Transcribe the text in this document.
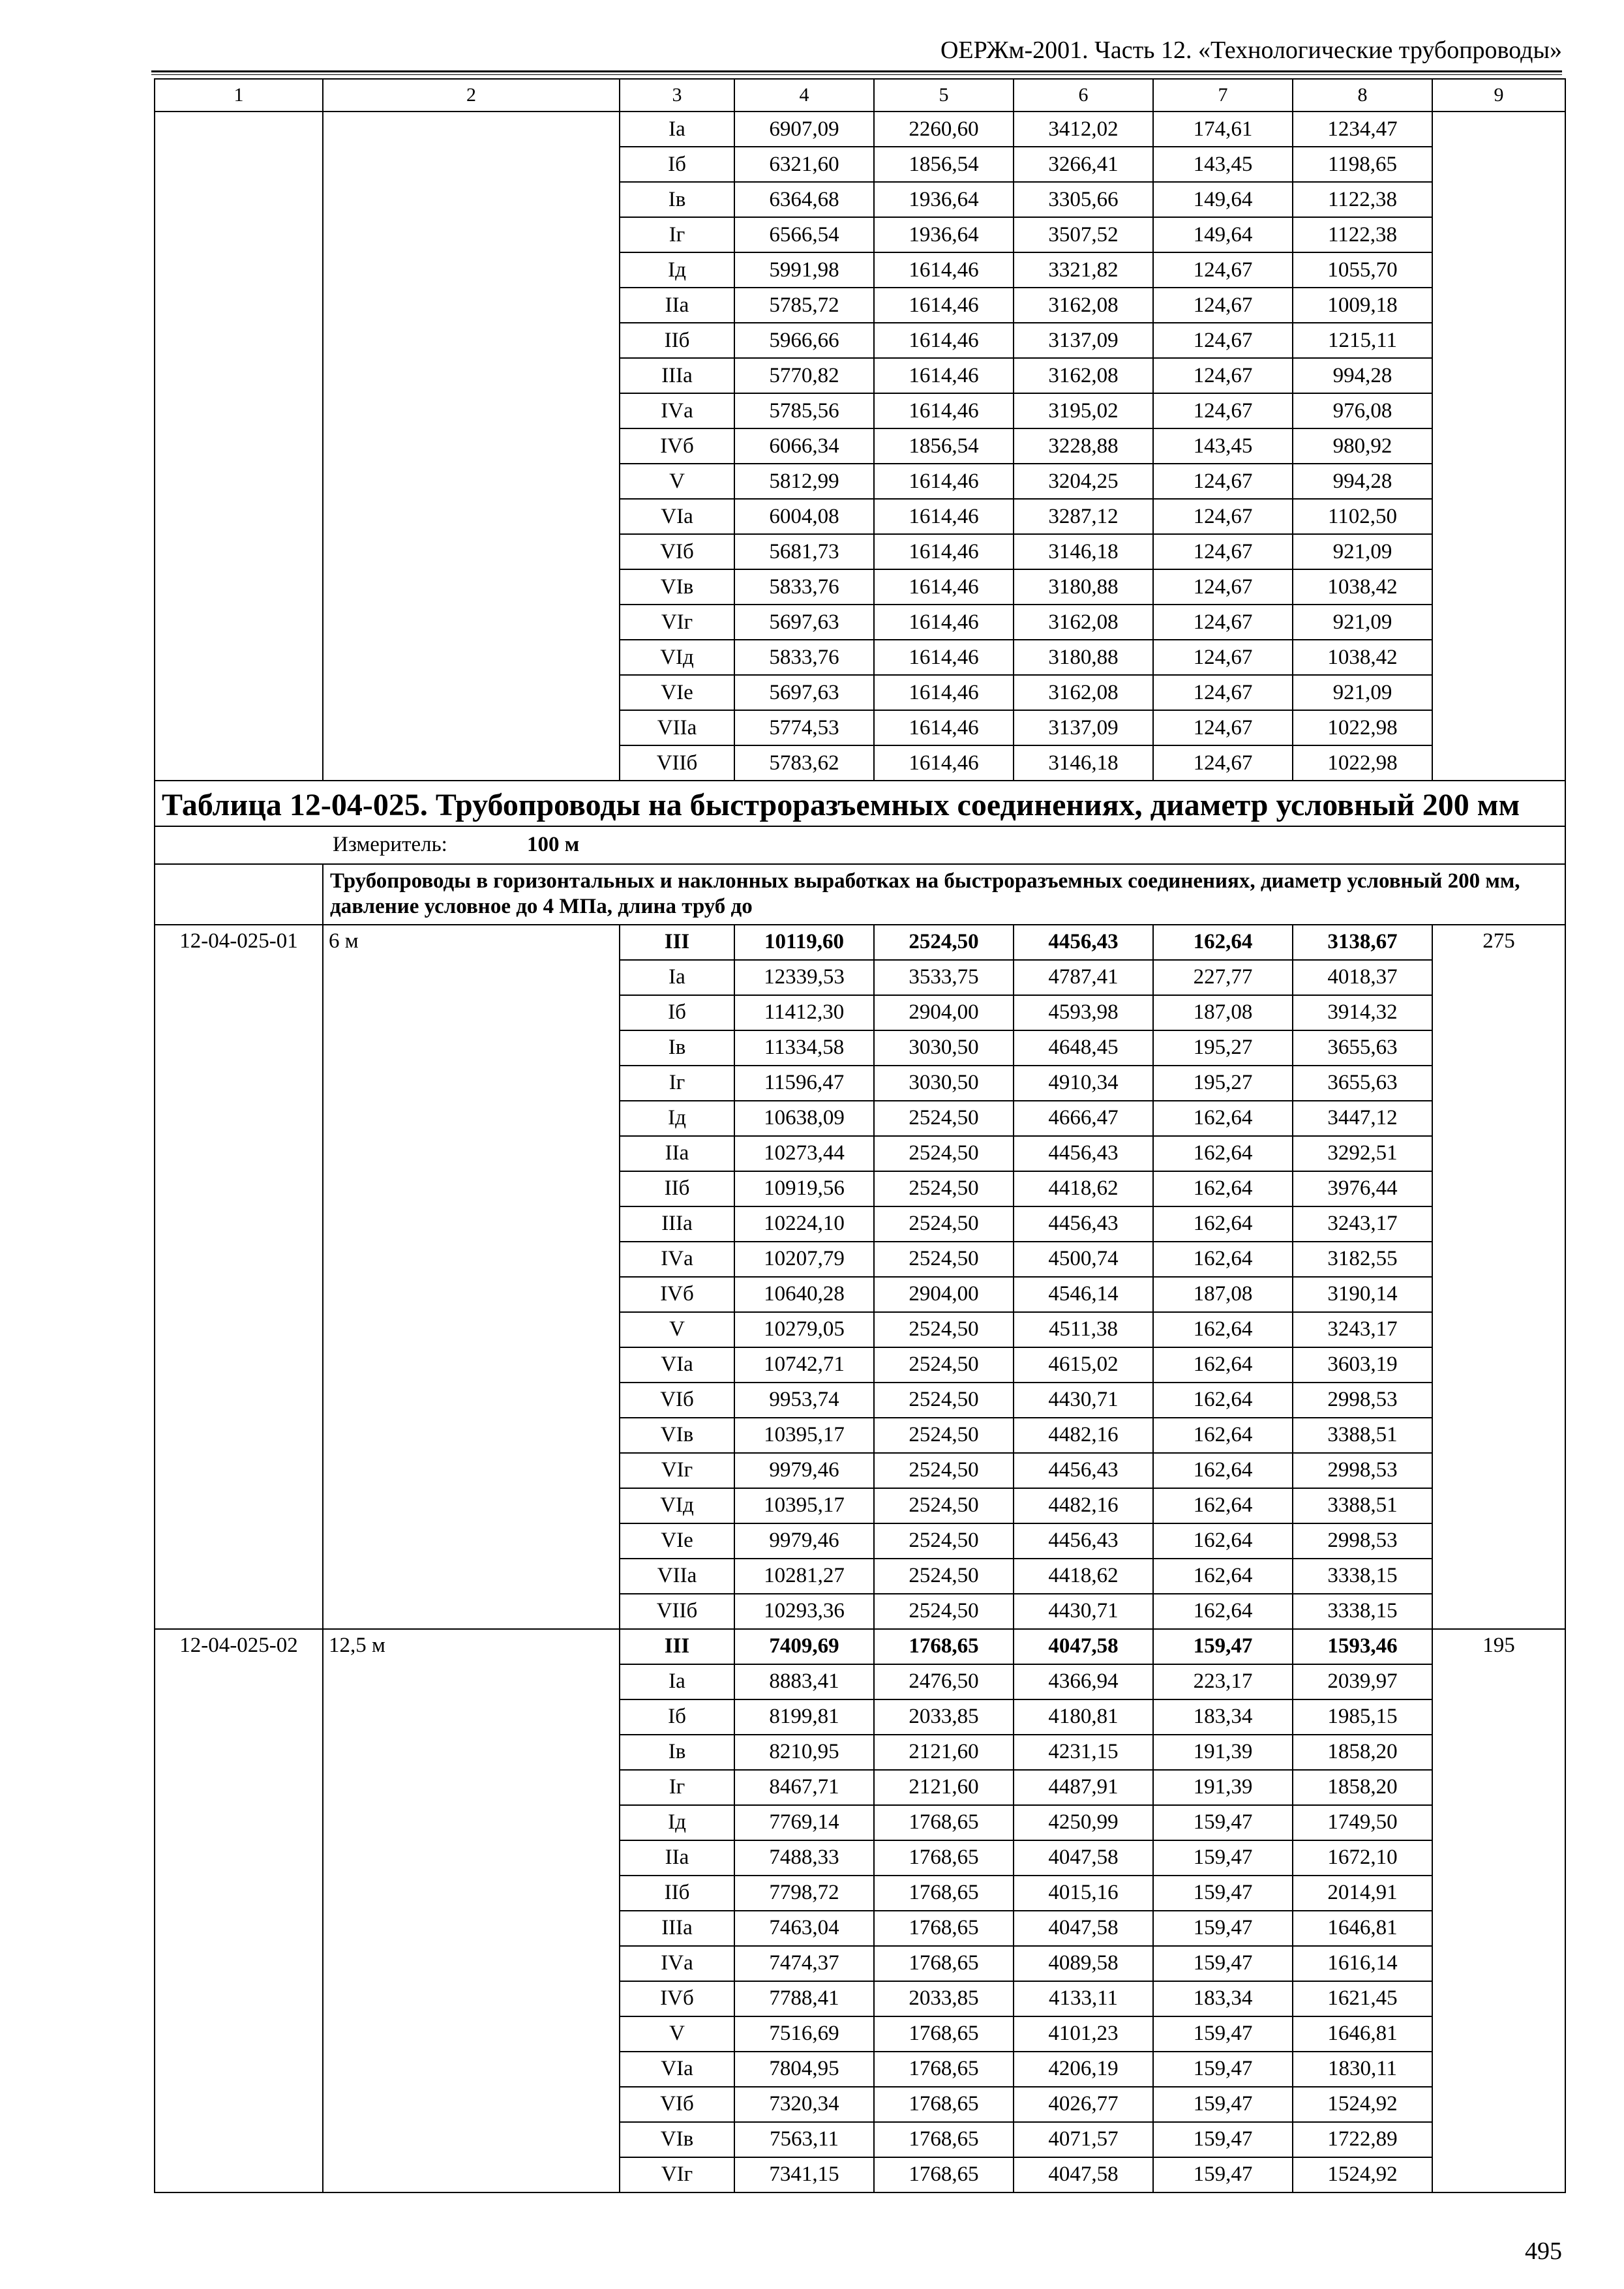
ОЕРЖм-2001. Часть 12. «Технологические трубопроводы»
1	2	3	4	5	6	7	8	9
		Iа	6907,09	2260,60	3412,02	174,61	1234,47	
		Iб	6321,60	1856,54	3266,41	143,45	1198,65	
		Iв	6364,68	1936,64	3305,66	149,64	1122,38	
		Iг	6566,54	1936,64	3507,52	149,64	1122,38	
		Iд	5991,98	1614,46	3321,82	124,67	1055,70	
		IIа	5785,72	1614,46	3162,08	124,67	1009,18	
		IIб	5966,66	1614,46	3137,09	124,67	1215,11	
		IIIа	5770,82	1614,46	3162,08	124,67	994,28	
		IVа	5785,56	1614,46	3195,02	124,67	976,08	
		IVб	6066,34	1856,54	3228,88	143,45	980,92	
		V	5812,99	1614,46	3204,25	124,67	994,28	
		VIа	6004,08	1614,46	3287,12	124,67	1102,50	
		VIб	5681,73	1614,46	3146,18	124,67	921,09	
		VIв	5833,76	1614,46	3180,88	124,67	1038,42	
		VIг	5697,63	1614,46	3162,08	124,67	921,09	
		VIд	5833,76	1614,46	3180,88	124,67	1038,42	
		VIе	5697,63	1614,46	3162,08	124,67	921,09	
		VIIа	5774,53	1614,46	3137,09	124,67	1022,98	
		VIIб	5783,62	1614,46	3146,18	124,67	1022,98	
Таблица 12-04-025. Трубопроводы на быстроразъемных соединениях, диаметр условный 200 мм								
Измеритель: 100 м								
	Трубопроводы в горизонтальных и наклонных выработках на быстроразъемных соединениях, диаметр условный 200 мм, давление условное до 4 МПа, длина труб до							
12-04-025-01	6 м	III	10119,60	2524,50	4456,43	162,64	3138,67	275
		Iа	12339,53	3533,75	4787,41	227,77	4018,37	
		Iб	11412,30	2904,00	4593,98	187,08	3914,32	
		Iв	11334,58	3030,50	4648,45	195,27	3655,63	
		Iг	11596,47	3030,50	4910,34	195,27	3655,63	
		Iд	10638,09	2524,50	4666,47	162,64	3447,12	
		IIа	10273,44	2524,50	4456,43	162,64	3292,51	
		IIб	10919,56	2524,50	4418,62	162,64	3976,44	
		IIIа	10224,10	2524,50	4456,43	162,64	3243,17	
		IVа	10207,79	2524,50	4500,74	162,64	3182,55	
		IVб	10640,28	2904,00	4546,14	187,08	3190,14	
		V	10279,05	2524,50	4511,38	162,64	3243,17	
		VIа	10742,71	2524,50	4615,02	162,64	3603,19	
		VIб	9953,74	2524,50	4430,71	162,64	2998,53	
		VIв	10395,17	2524,50	4482,16	162,64	3388,51	
		VIг	9979,46	2524,50	4456,43	162,64	2998,53	
		VIд	10395,17	2524,50	4482,16	162,64	3388,51	
		VIе	9979,46	2524,50	4456,43	162,64	2998,53	
		VIIа	10281,27	2524,50	4418,62	162,64	3338,15	
		VIIб	10293,36	2524,50	4430,71	162,64	3338,15	
12-04-025-02	12,5 м	III	7409,69	1768,65	4047,58	159,47	1593,46	195
		Iа	8883,41	2476,50	4366,94	223,17	2039,97	
		Iб	8199,81	2033,85	4180,81	183,34	1985,15	
		Iв	8210,95	2121,60	4231,15	191,39	1858,20	
		Iг	8467,71	2121,60	4487,91	191,39	1858,20	
		Iд	7769,14	1768,65	4250,99	159,47	1749,50	
		IIа	7488,33	1768,65	4047,58	159,47	1672,10	
		IIб	7798,72	1768,65	4015,16	159,47	2014,91	
		IIIа	7463,04	1768,65	4047,58	159,47	1646,81	
		IVа	7474,37	1768,65	4089,58	159,47	1616,14	
		IVб	7788,41	2033,85	4133,11	183,34	1621,45	
		V	7516,69	1768,65	4101,23	159,47	1646,81	
		VIа	7804,95	1768,65	4206,19	159,47	1830,11	
		VIб	7320,34	1768,65	4026,77	159,47	1524,92	
		VIв	7563,11	1768,65	4071,57	159,47	1722,89	
		VIг	7341,15	1768,65	4047,58	159,47	1524,92	
495
